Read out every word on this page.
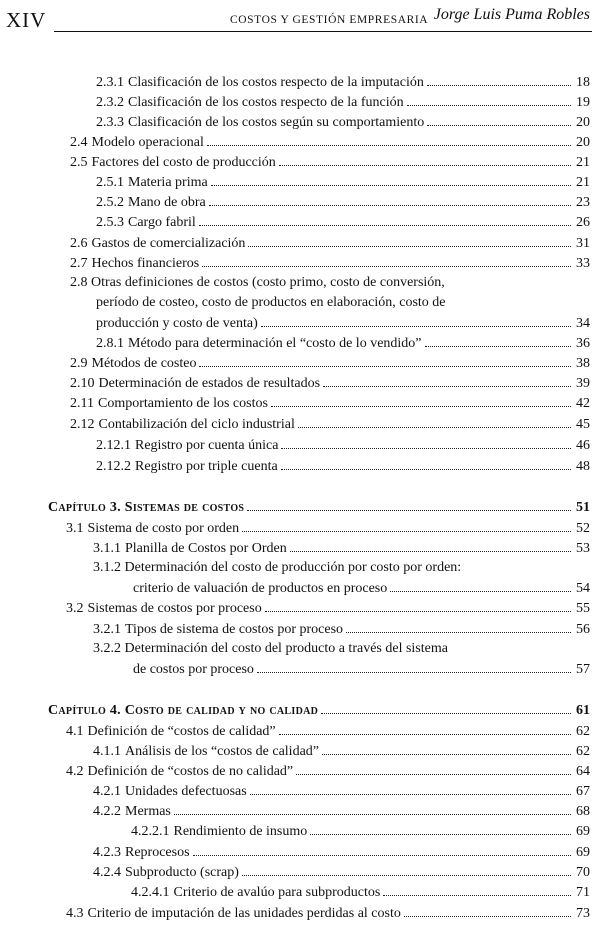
XIV	COSTOS Y GESTIÓN EMPRESARIA Jorge Luis Puma Robles
2.3.1 Clasificación de los costos respecto de la imputación	18
2.3.2 Clasificación de los costos respecto de la función	19
2.3.3 Clasificación de los costos según su comportamiento	20
2.4 Modelo operacional	20
2.5 Factores del costo de producción	21
2.5.1 Materia prima	21
2.5.2 Mano de obra	23
2.5.3 Cargo fabril	26
2.6 Gastos de comercialización	31
2.7 Hechos financieros	33
2.8 Otras definiciones de costos (costo primo, costo de conversión,
período de costeo, costo de productos en elaboración, costo de
producción y costo de venta)	34
2.8.1 Método para determinación el “costo de lo vendido”	36
2.9 Métodos de costeo	38
2.10 Determinación de estados de resultados	39
2.11 Comportamiento de los costos	42
2.12 Contabilización del ciclo industrial	45
2.12.1 Registro por cuenta única	46
2.12.2 Registro por triple cuenta	48
Capítulo 3. Sistemas de costos	51
3.1 Sistema de costo por orden	52
3.1.1 Planilla de Costos por Orden	53
3.1.2 Determinación del costo de producción por costo por orden:
criterio de valuación de productos en proceso	54
3.2 Sistemas de costos por proceso	55
3.2.1 Tipos de sistema de costos por proceso	56
3.2.2 Determinación del costo del producto a través del sistema
de costos por proceso	57
Capítulo 4. Costo de calidad y no calidad	61
4.1 Definición de “costos de calidad”	62
4.1.1 Análisis de los “costos de calidad”	62
4.2 Definición de “costos de no calidad”	64
4.2.1 Unidades defectuosas	67
4.2.2 Mermas	68
4.2.2.1 Rendimiento de insumo	69
4.2.3 Reprocesos	69
4.2.4 Subproducto (scrap)	70
4.2.4.1 Criterio de avalúo para subproductos	71
4.3 Criterio de imputación de las unidades perdidas al costo	73
